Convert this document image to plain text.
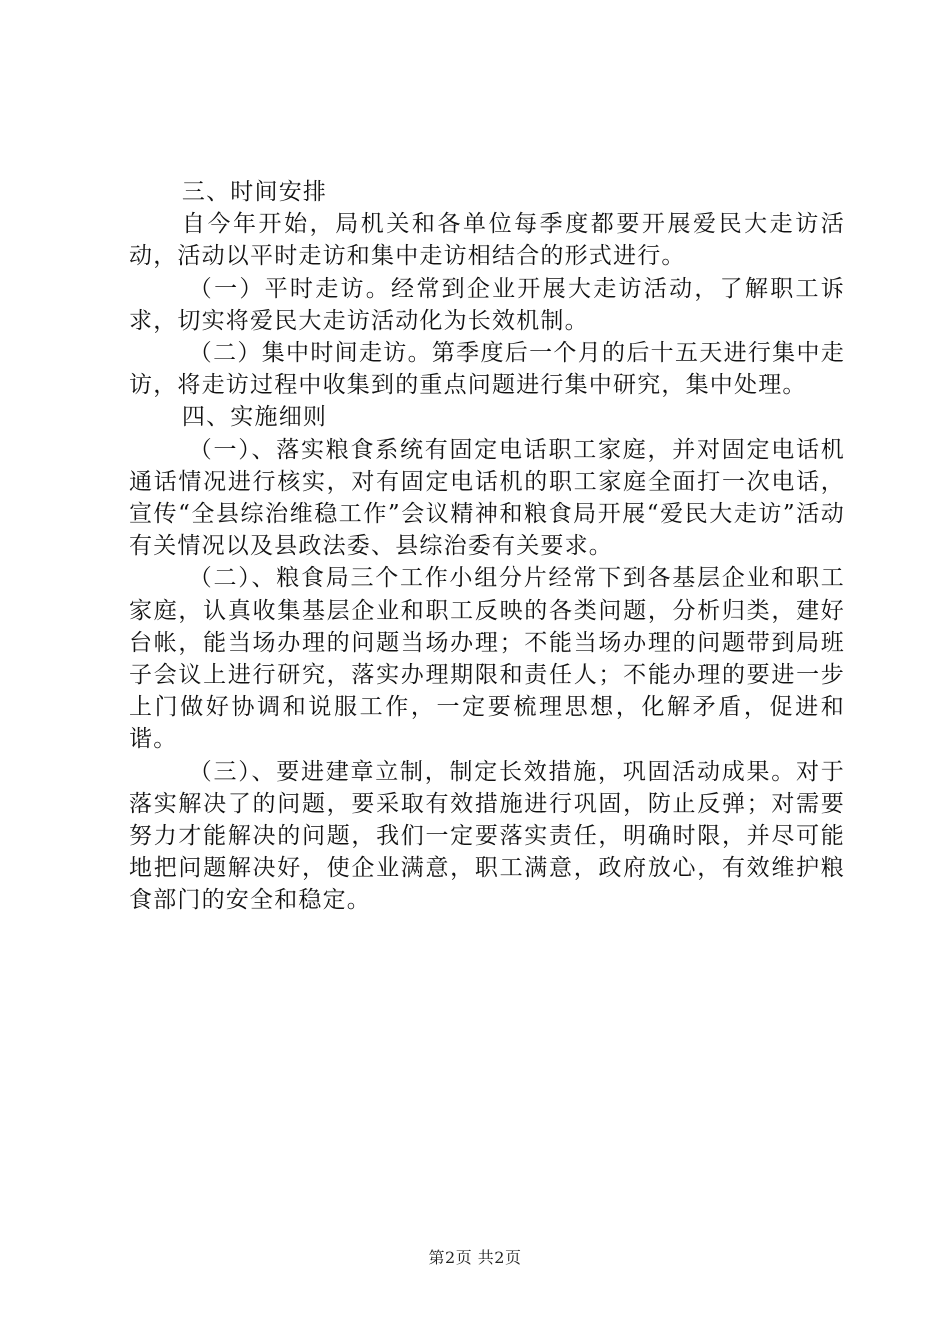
三、时间安排

自今年开始，局机关和各单位每季度都要开展爱民大走访活动，活动以平时走访和集中走访相结合的形式进行。

（一）平时走访。经常到企业开展大走访活动，了解职工诉求，切实将爱民大走访活动化为长效机制。

（二）集中时间走访。第季度后一个月的后十五天进行集中走访，将走访过程中收集到的重点问题进行集中研究，集中处理。

四、实施细则

（一）、落实粮食系统有固定电话职工家庭，并对固定电话机通话情况进行核实，对有固定电话机的职工家庭全面打一次电话，宣传“全县综治维稳工作”会议精神和粮食局开展“爱民大走访”活动有关情况以及县政法委、县综治委有关要求。

（二）、粮食局三个工作小组分片经常下到各基层企业和职工家庭，认真收集基层企业和职工反映的各类问题，分析归类，建好台帐，能当场办理的问题当场办理；不能当场办理的问题带到局班子会议上进行研究，落实办理期限和责任人；不能办理的要进一步上门做好协调和说服工作，一定要梳理思想，化解矛盾，促进和谐。

（三）、要进建章立制，制定长效措施，巩固活动成果。对于落实解决了的问题，要采取有效措施进行巩固，防止反弹；对需要努力才能解决的问题，我们一定要落实责任，明确时限，并尽可能地把问题解决好，使企业满意，职工满意，政府放心，有效维护粮食部门的安全和稳定。

第2页 共2页
